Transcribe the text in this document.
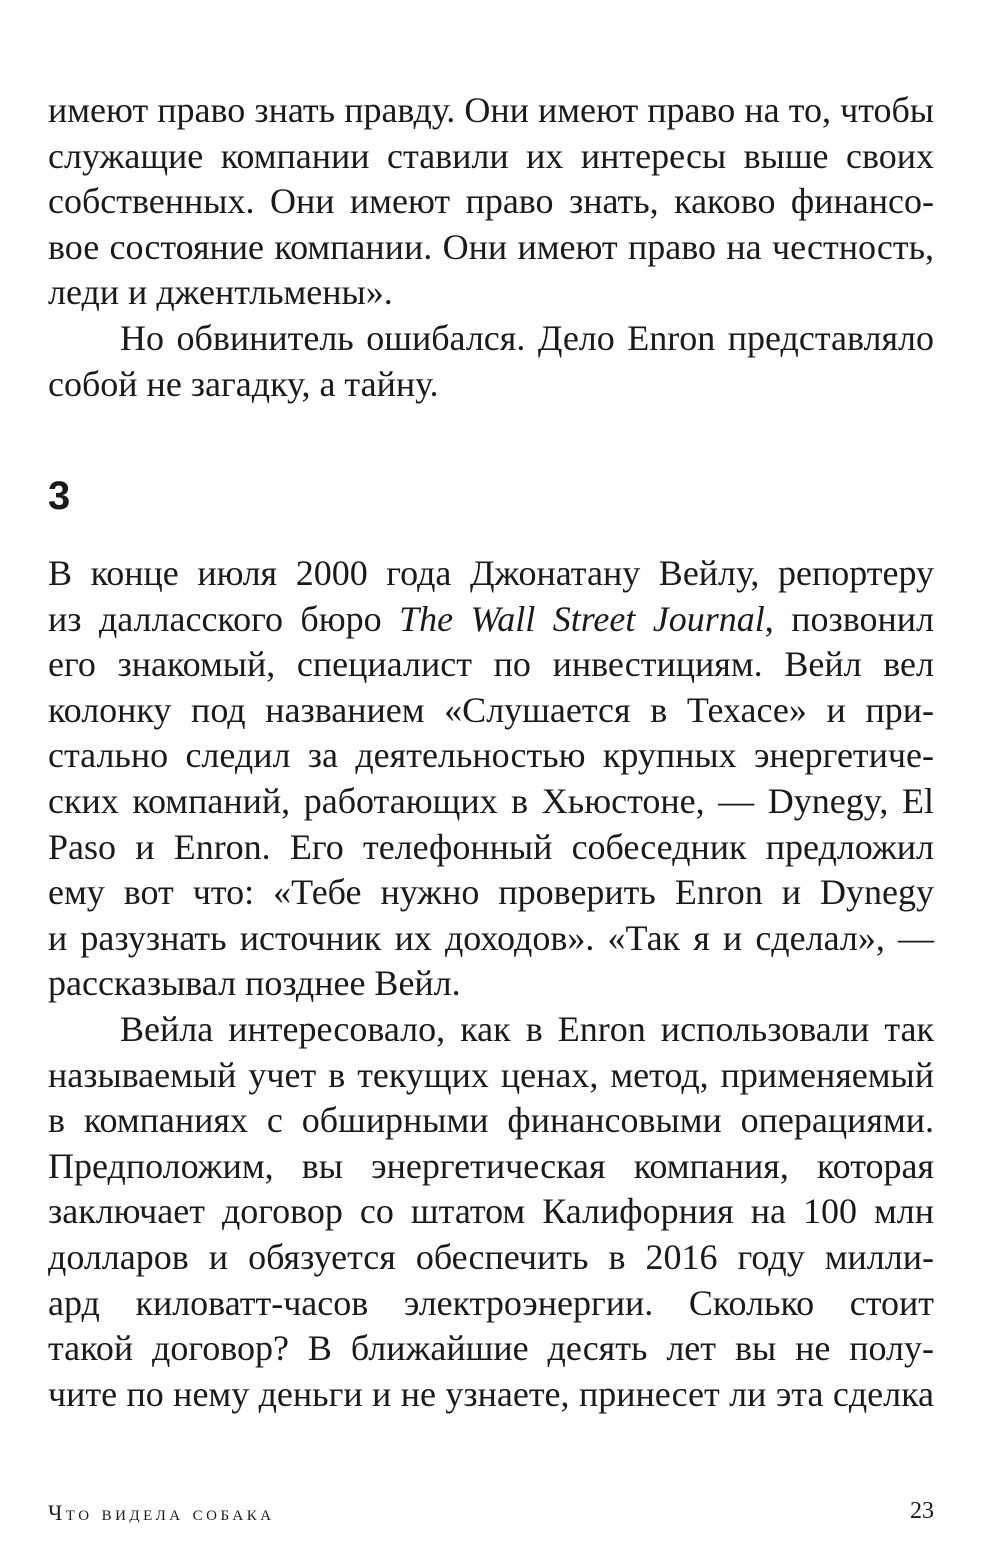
имеют право знать правду. Они имеют право на то, чтобы
служащие компании ставили их интересы выше своих
собственных. Они имеют право знать, каково финансо-
вое состояние компании. Они имеют право на честность,
леди и джентльмены».
Но обвинитель ошибался. Дело Enron представляло
собой не загадку, а тайну.
3
В конце июля 2000 года Джонатану Вейлу, репортеру
из далласского бюро The Wall Street Journal, позвонил
его знакомый, специалист по инвестициям. Вейл вел
колонку под названием «Слушается в Техасе» и при-
стально следил за деятельностью крупных энергетиче-
ских компаний, работающих в Хьюстоне, — Dynegy, El
Paso и Enron. Его телефонный собеседник предложил
ему вот что: «Тебе нужно проверить Enron и Dynegy
и разузнать источник их доходов». «Так я и сделал», —
рассказывал позднее Вейл.
Вейла интересовало, как в Enron использовали так
называемый учет в текущих ценах, метод, применяемый
в компаниях с обширными финансовыми операциями.
Предположим, вы энергетическая компания, которая
заключает договор со штатом Калифорния на 100 млн
долларов и обязуется обеспечить в 2016 году милли-
ард киловатт-часов электроэнергии. Сколько стоит
такой договор? В ближайшие десять лет вы не полу-
чите по нему деньги и не узнаете, принесет ли эта сделка
Что видела собака	23
